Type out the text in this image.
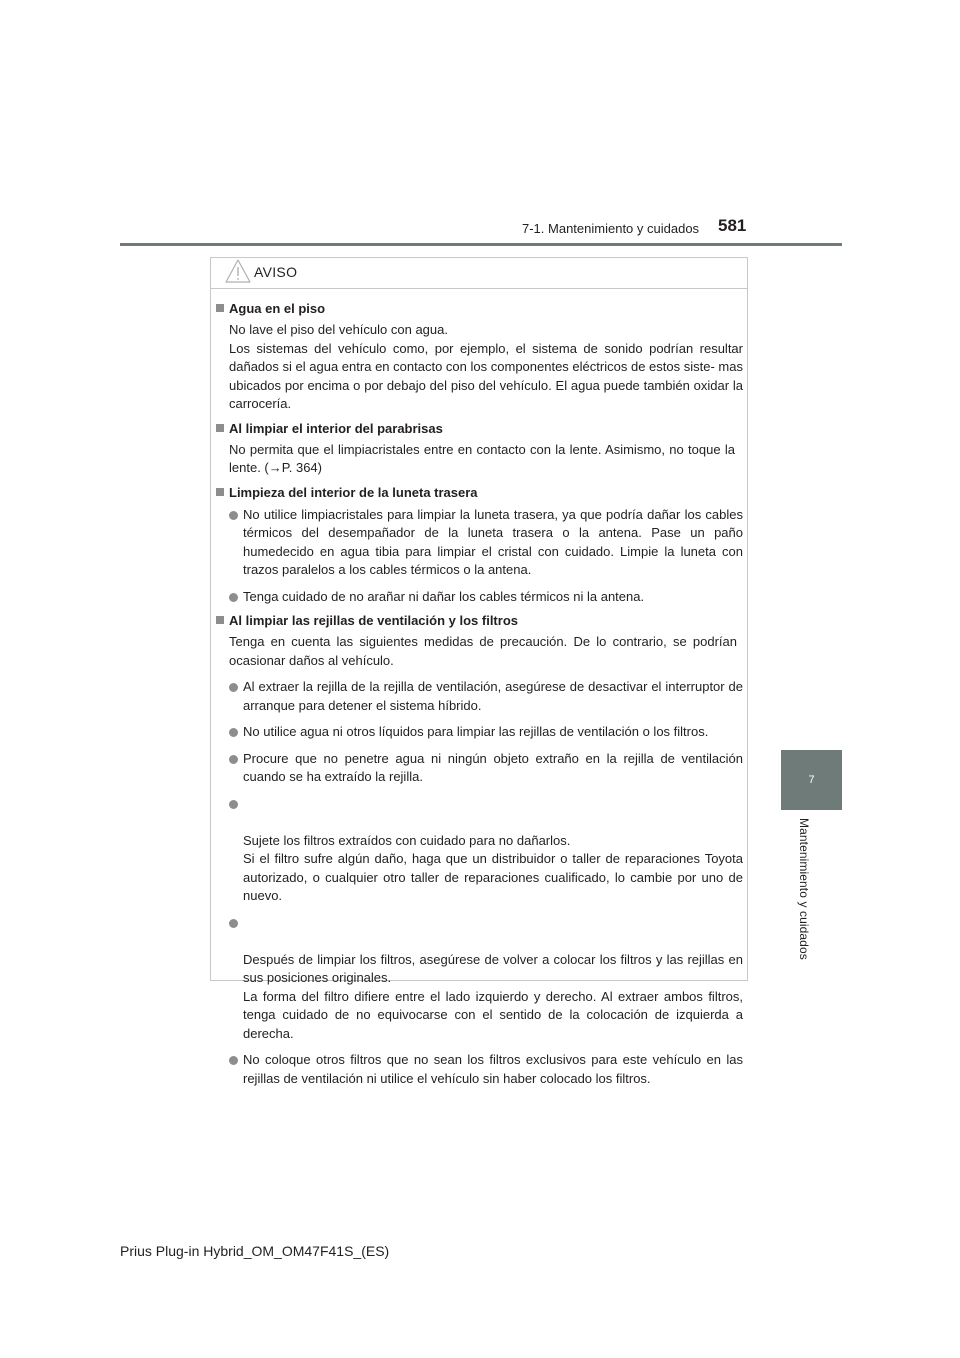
7-1. Mantenimiento y cuidados 581
7
Mantenimiento y cuidados
AVISO
Agua en el piso
No lave el piso del vehículo con agua.
Los sistemas del vehículo como, por ejemplo, el sistema de sonido podrían resultar dañados si el agua entra en contacto con los componentes eléctricos de estos siste- mas ubicados por encima o por debajo del piso del vehículo. El agua puede también oxidar la carrocería.
Al limpiar el interior del parabrisas
No permita que el limpiacristales entre en contacto con la lente. Asimismo, no toque la lente. (→P. 364)
Limpieza del interior de la luneta trasera
No utilice limpiacristales para limpiar la luneta trasera, ya que podría dañar los cables térmicos del desempañador de la luneta trasera o la antena. Pase un paño humedecido en agua tibia para limpiar el cristal con cuidado. Limpie la luneta con trazos paralelos a los cables térmicos o la antena.
Tenga cuidado de no arañar ni dañar los cables térmicos ni la antena.
Al limpiar las rejillas de ventilación y los filtros
Tenga en cuenta las siguientes medidas de precaución. De lo contrario, se podrían ocasionar daños al vehículo.
Al extraer la rejilla de la rejilla de ventilación, asegúrese de desactivar el interruptor de arranque para detener el sistema híbrido.
No utilice agua ni otros líquidos para limpiar las rejillas de ventilación o los filtros.
Procure que no penetre agua ni ningún objeto extraño en la rejilla de ventilación cuando se ha extraído la rejilla.

Sujete los filtros extraídos con cuidado para no dañarlos.
Si el filtro sufre algún daño, haga que un distribuidor o taller de reparaciones Toyota autorizado, o cualquier otro taller de reparaciones cualificado, lo cambie por uno de nuevo.

Después de limpiar los filtros, asegúrese de volver a colocar los filtros y las rejillas en sus posiciones originales.
La forma del filtro difiere entre el lado izquierdo y derecho. Al extraer ambos filtros, tenga cuidado de no equivocarse con el sentido de la colocación de izquierda a derecha.

No coloque otros filtros que no sean los filtros exclusivos para este vehículo en las rejillas de ventilación ni utilice el vehículo sin haber colocado los filtros.
Prius Plug-in Hybrid_OM_OM47F41S_(ES)
